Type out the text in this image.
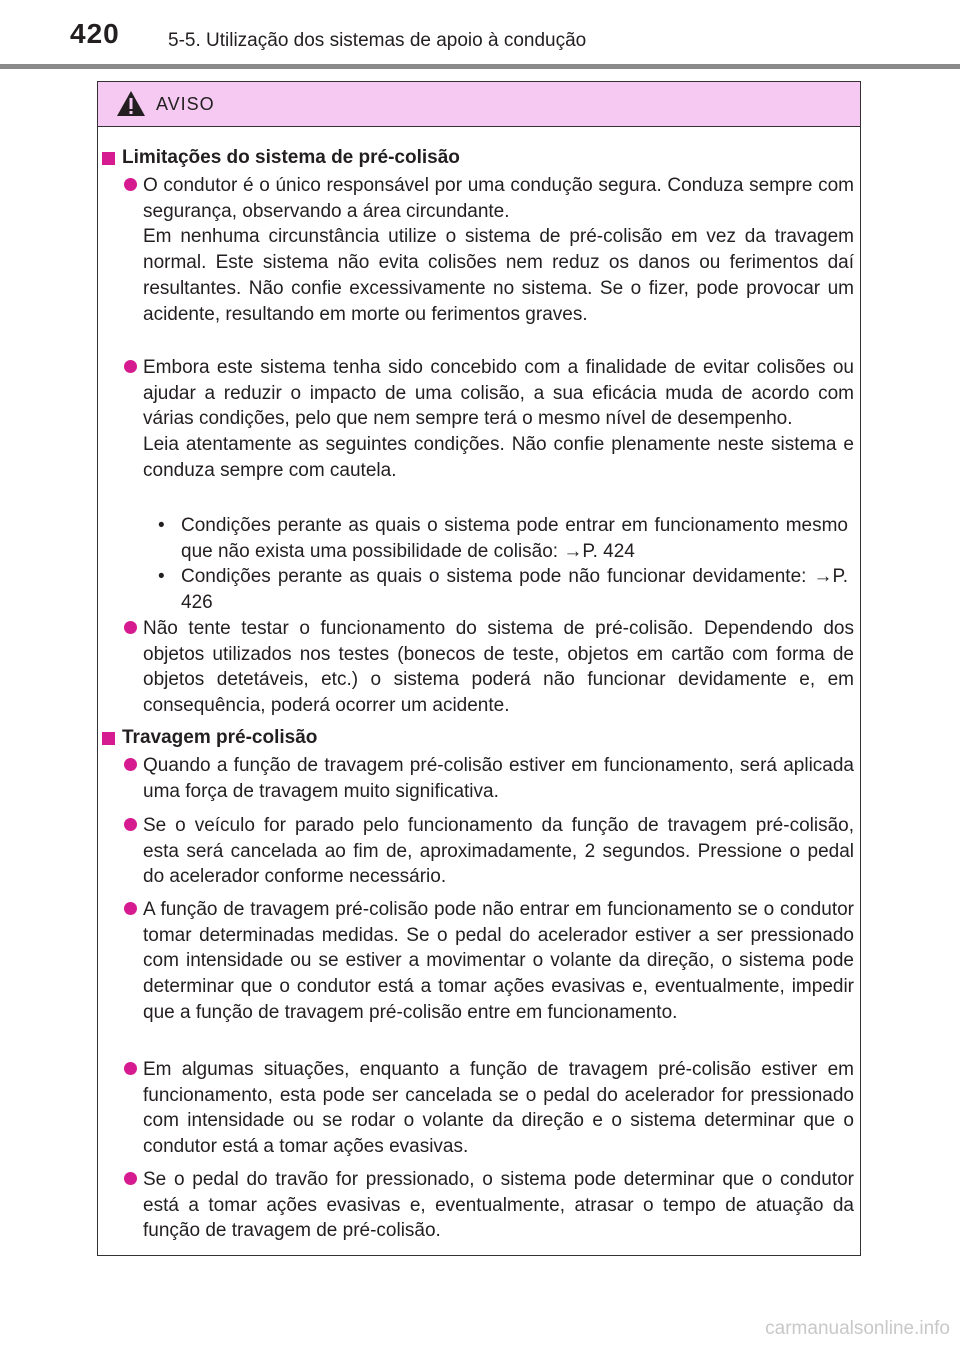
420	5-5. Utilização dos sistemas de apoio à condução
AVISO
Limitações do sistema de pré-colisão
O condutor é o único responsável por uma condução segura. Conduza sempre com segurança, observando a área circundante.
Em nenhuma circunstância utilize o sistema de pré-colisão em vez da travagem normal. Este sistema não evita colisões nem reduz os danos ou ferimentos daí resultantes. Não confie excessivamente no sistema. Se o fizer, pode provocar um acidente, resultando em morte ou ferimentos graves.
Embora este sistema tenha sido concebido com a finalidade de evitar colisões ou ajudar a reduzir o impacto de uma colisão, a sua eficácia muda de acordo com várias condições, pelo que nem sempre terá o mesmo nível de desempenho.
Leia atentamente as seguintes condições. Não confie plenamente neste sistema e conduza sempre com cautela.
• Condições perante as quais o sistema pode entrar em funcionamento mesmo que não exista uma possibilidade de colisão: →P. 424
• Condições perante as quais o sistema pode não funcionar devidamente: →P. 426
Não tente testar o funcionamento do sistema de pré-colisão. Dependendo dos objetos utilizados nos testes (bonecos de teste, objetos em cartão com forma de objetos detetáveis, etc.) o sistema poderá não funcionar devidamente e, em consequência, poderá ocorrer um acidente.
Travagem pré-colisão
Quando a função de travagem pré-colisão estiver em funcionamento, será aplicada uma força de travagem muito significativa.
Se o veículo for parado pelo funcionamento da função de travagem pré-colisão, esta será cancelada ao fim de, aproximadamente, 2 segundos. Pressione o pedal do acelerador conforme necessário.
A função de travagem pré-colisão pode não entrar em funcionamento se o condutor tomar determinadas medidas. Se o pedal do acelerador estiver a ser pressionado com intensidade ou se estiver a movimentar o volante da direção, o sistema pode determinar que o condutor está a tomar ações evasivas e, eventualmente, impedir que a função de travagem pré-colisão entre em funcionamento.
Em algumas situações, enquanto a função de travagem pré-colisão estiver em funcionamento, esta pode ser cancelada se o pedal do acelerador for pressionado com intensidade ou se rodar o volante da direção e o sistema determinar que o condutor está a tomar ações evasivas.
Se o pedal do travão for pressionado, o sistema pode determinar que o condutor está a tomar ações evasivas e, eventualmente, atrasar o tempo de atuação da função de travagem de pré-colisão.
carmanualsonline.info
